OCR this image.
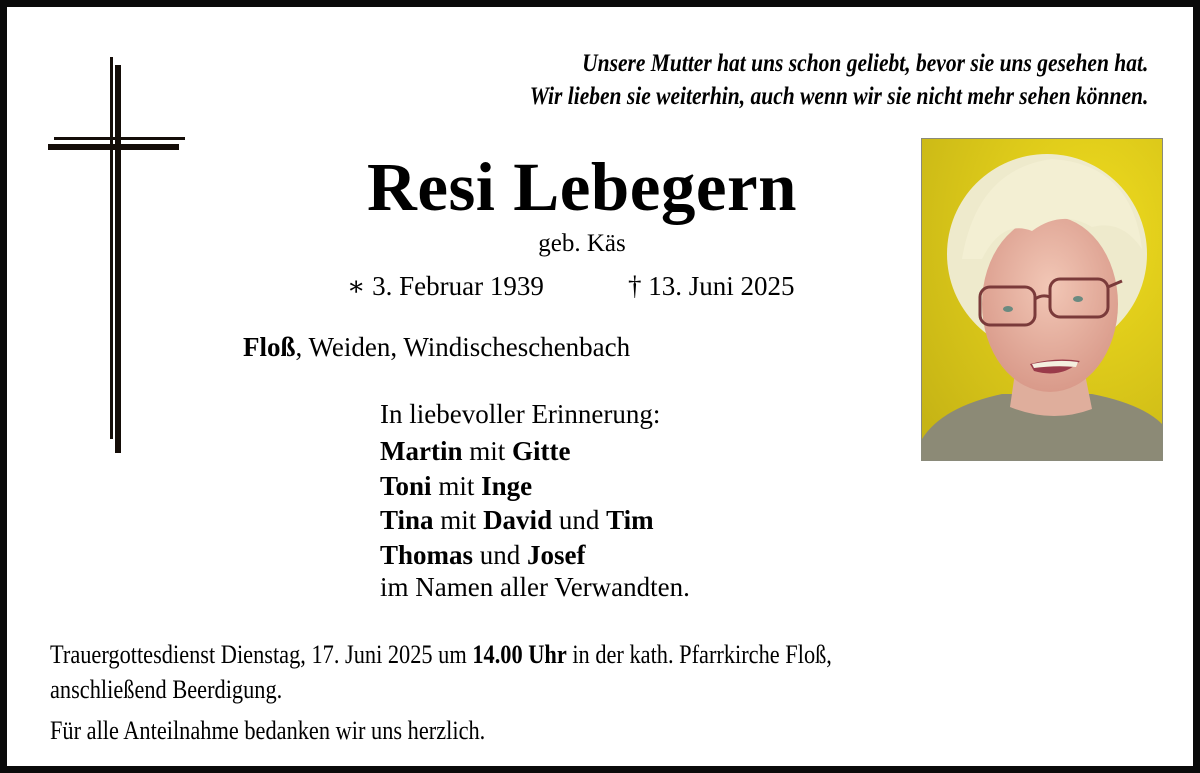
Unsere Mutter hat uns schon geliebt, bevor sie uns gesehen hat.
Wir lieben sie weiterhin, auch wenn wir sie nicht mehr sehen können.
Resi Lebegern
geb. Käs
∗ 3. Februar 1939	† 13. Juni 2025
Floß, Weiden, Windischeschenbach
In liebevoller Erinnerung:
Martin mit Gitte
Toni mit Inge
Tina mit David und Tim
Thomas und Josef
im Namen aller Verwandten.
Trauergottesdienst Dienstag, 17. Juni 2025 um 14.00 Uhr in der kath. Pfarrkirche Floß,
anschließend Beerdigung.
Für alle Anteilnahme bedanken wir uns herzlich.
